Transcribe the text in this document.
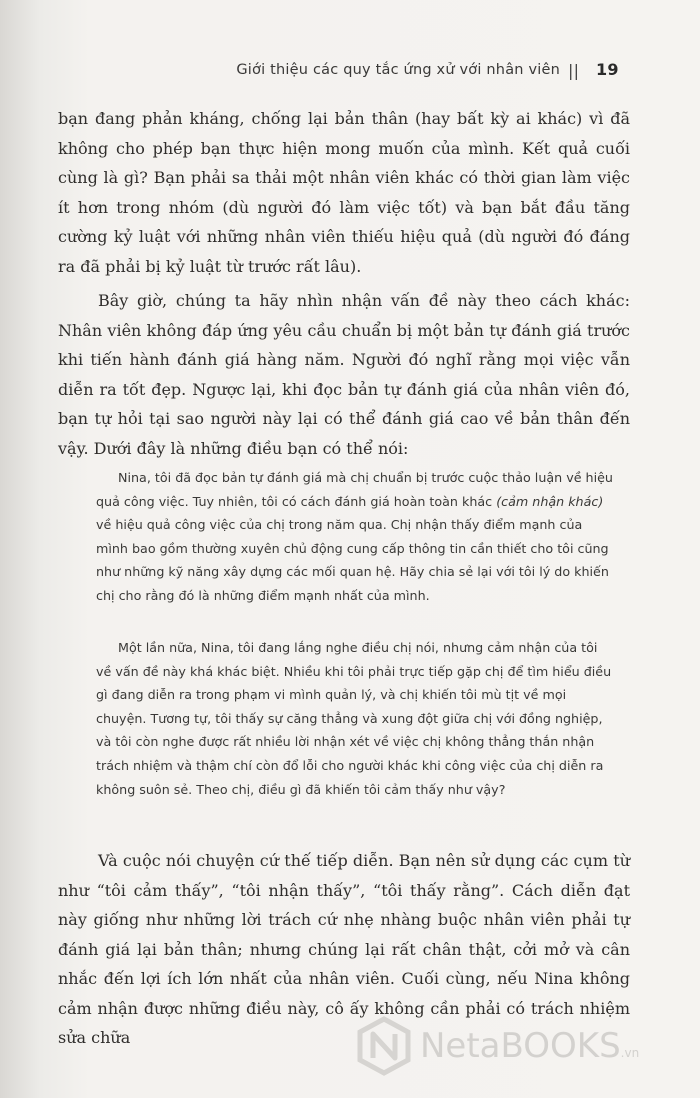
Giới thiệu các quy tắc ứng xử với nhân viên || 19

bạn đang phản kháng, chống lại bản thân (hay bất kỳ ai khác) vì đã không cho phép bạn thực hiện mong muốn của mình. Kết quả cuối cùng là gì? Bạn phải sa thải một nhân viên khác có thời gian làm việc ít hơn trong nhóm (dù người đó làm việc tốt) và bạn bắt đầu tăng cường kỷ luật với những nhân viên thiếu hiệu quả (dù người đó đáng ra đã phải bị kỷ luật từ trước rất lâu).

Bây giờ, chúng ta hãy nhìn nhận vấn đề này theo cách khác: Nhân viên không đáp ứng yêu cầu chuẩn bị một bản tự đánh giá trước khi tiến hành đánh giá hàng năm. Người đó nghĩ rằng mọi việc vẫn diễn ra tốt đẹp. Ngược lại, khi đọc bản tự đánh giá của nhân viên đó, bạn tự hỏi tại sao người này lại có thể đánh giá cao về bản thân đến vậy. Dưới đây là những điều bạn có thể nói:

Nina, tôi đã đọc bản tự đánh giá mà chị chuẩn bị trước cuộc thảo luận về hiệu quả công việc. Tuy nhiên, tôi có cách đánh giá hoàn toàn khác (cảm nhận khác) về hiệu quả công việc của chị trong năm qua. Chị nhận thấy điểm mạnh của mình bao gồm thường xuyên chủ động cung cấp thông tin cần thiết cho tôi cũng như những kỹ năng xây dựng các mối quan hệ. Hãy chia sẻ lại với tôi lý do khiến chị cho rằng đó là những điểm mạnh nhất của mình.

Một lần nữa, Nina, tôi đang lắng nghe điều chị nói, nhưng cảm nhận của tôi về vấn đề này khá khác biệt. Nhiều khi tôi phải trực tiếp gặp chị để tìm hiểu điều gì đang diễn ra trong phạm vi mình quản lý, và chị khiến tôi mù tịt về mọi chuyện. Tương tự, tôi thấy sự căng thẳng và xung đột giữa chị với đồng nghiệp, và tôi còn nghe được rất nhiều lời nhận xét về việc chị không thẳng thắn nhận trách nhiệm và thậm chí còn đổ lỗi cho người khác khi công việc của chị diễn ra không suôn sẻ. Theo chị, điều gì đã khiến tôi cảm thấy như vậy?

Và cuộc nói chuyện cứ thế tiếp diễn. Bạn nên sử dụng các cụm từ như “tôi cảm thấy”, “tôi nhận thấy”, “tôi thấy rằng”. Cách diễn đạt này giống như những lời trách cứ nhẹ nhàng buộc nhân viên phải tự đánh giá lại bản thân; nhưng chúng lại rất chân thật, cởi mở và cân nhắc đến lợi ích lớn nhất của nhân viên. Cuối cùng, nếu Nina không cảm nhận được những điều này, cô ấy không cần phải có trách nhiệm sửa chữa	NetaBOOKS.vn
